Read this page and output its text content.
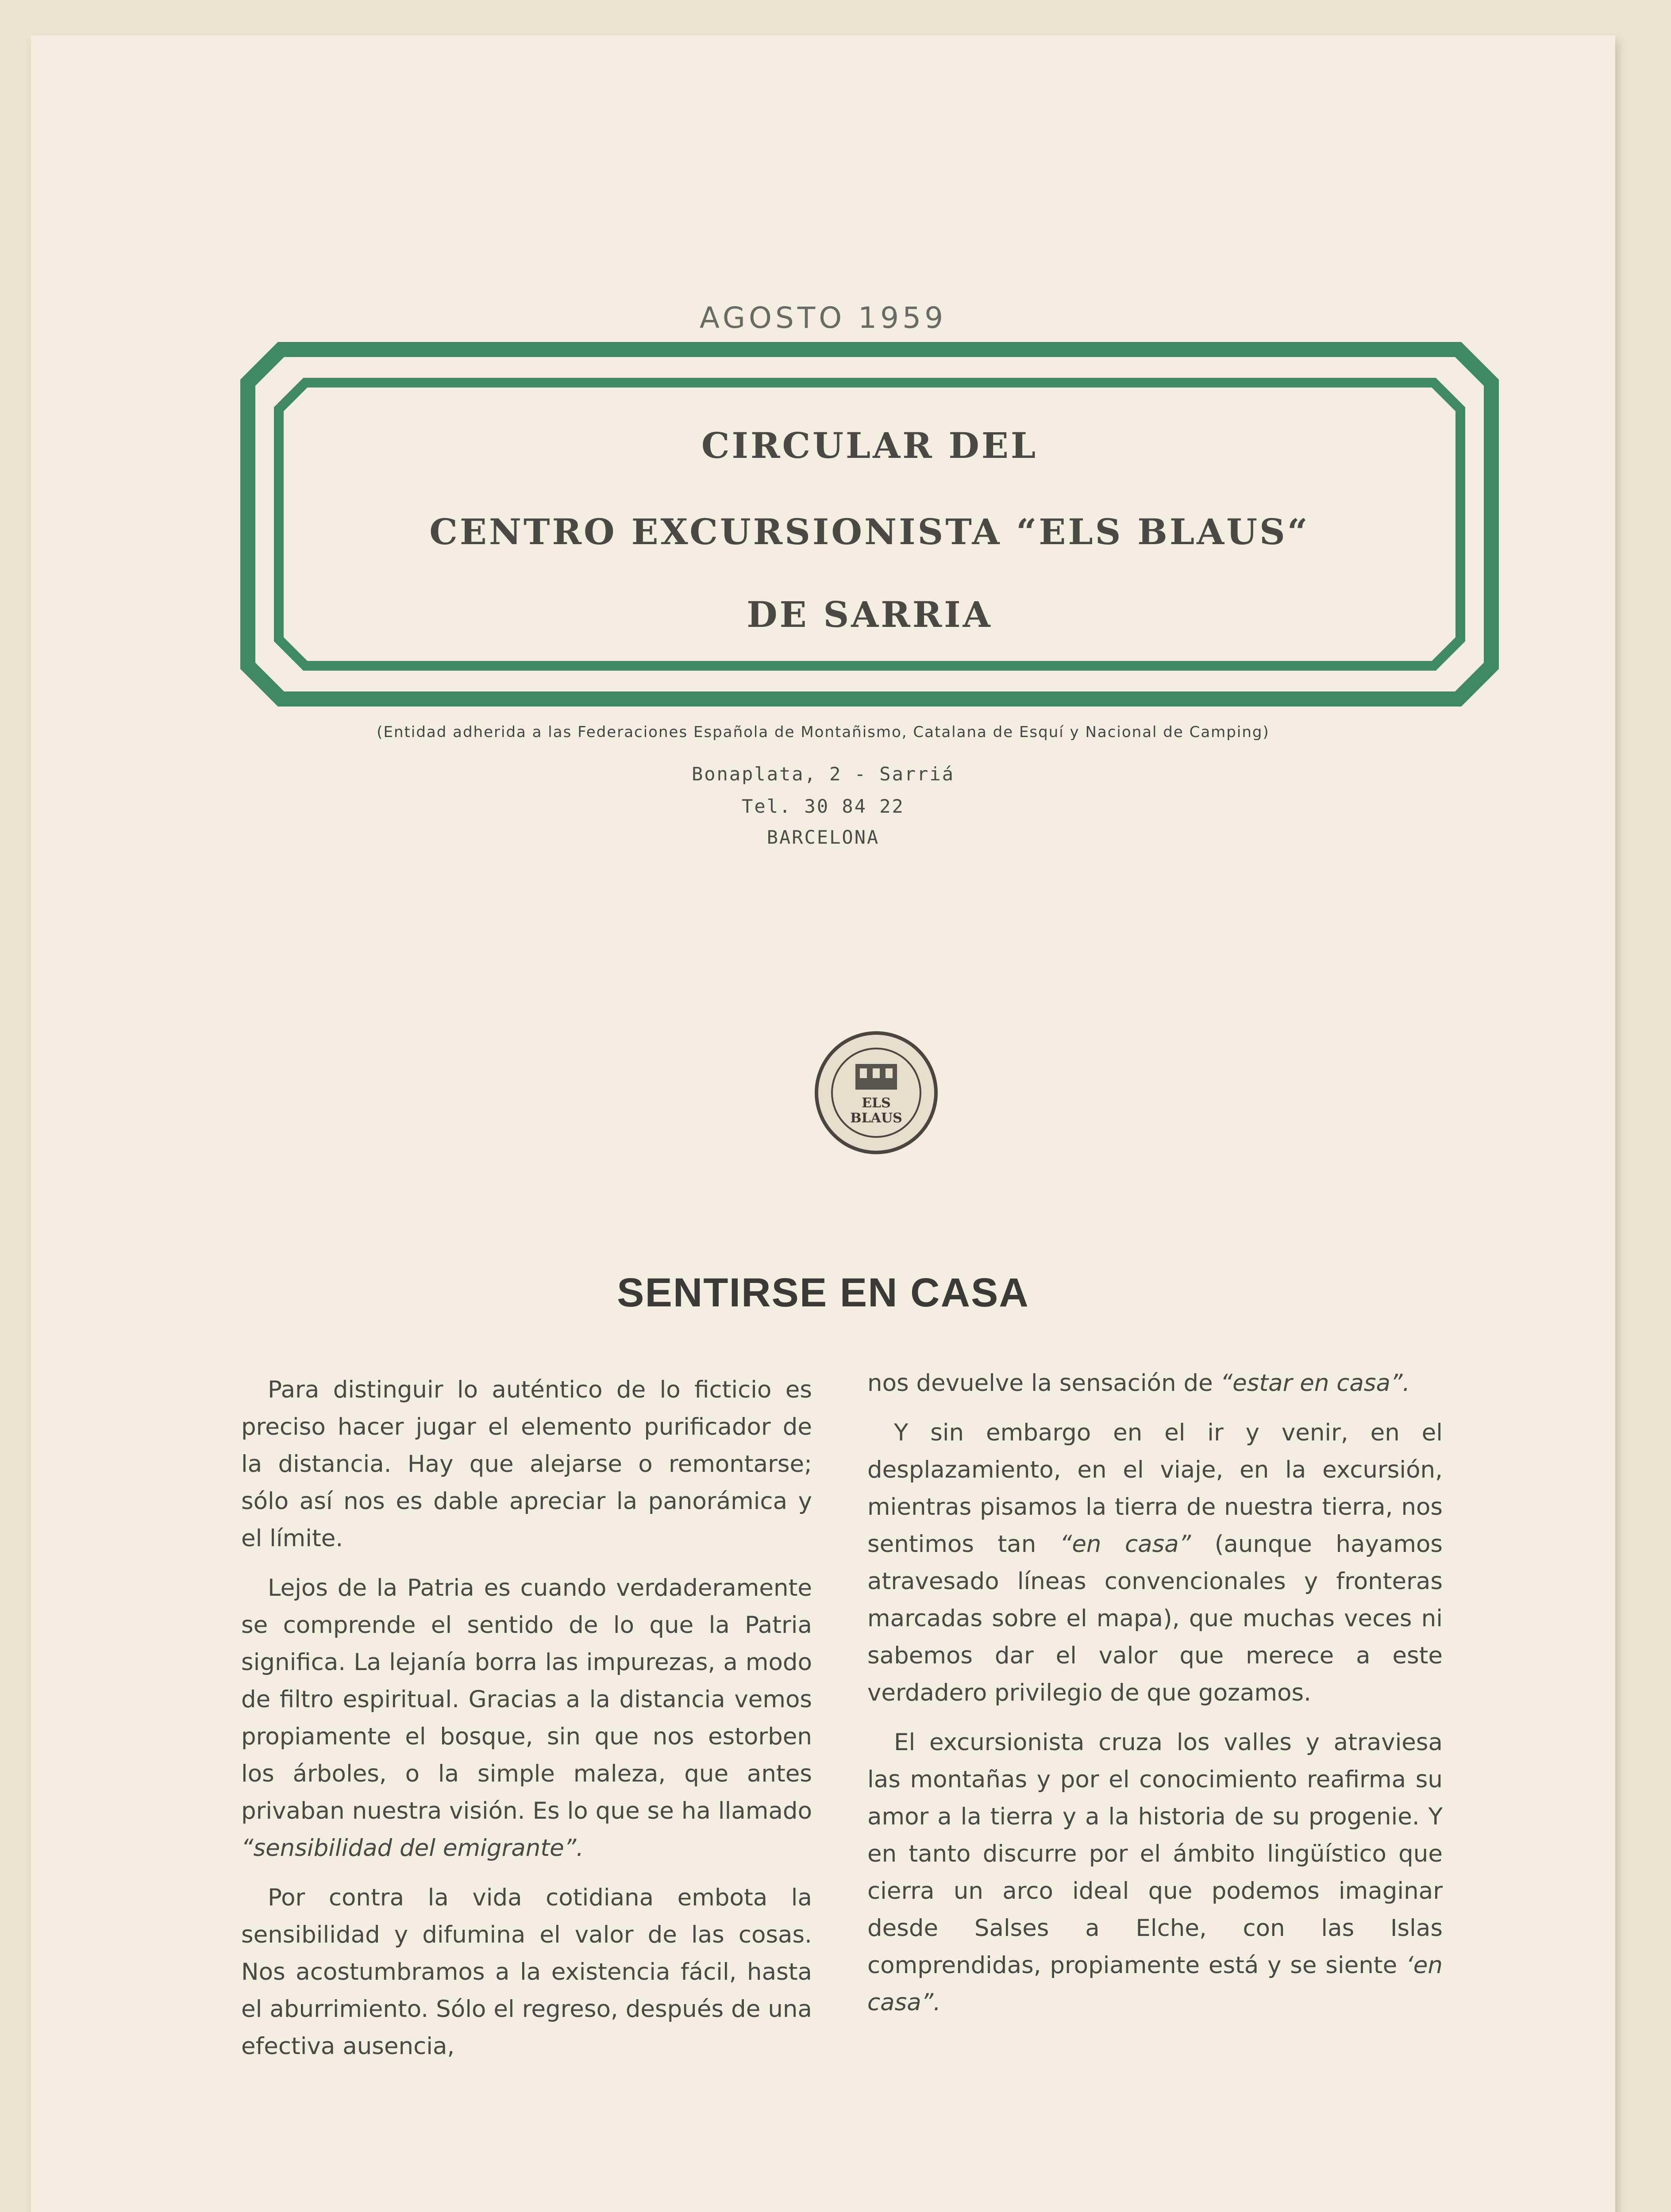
AGOSTO 1959
CIRCULAR DEL
CENTRO EXCURSIONISTA “ELS BLAUS“
DE SARRIA
(Entidad adherida a las Federaciones Española de Montañismo, Catalana de Esquí y Nacional de Camping)
Bonaplata, 2 - Sarriá
Tel. 30 84 22
BARCELONA
ELS
BLAUS
SENTIRSE EN CASA

Para distinguir lo auténtico de lo ficticio es preciso hacer jugar el elemento purificador de la distancia. Hay que alejarse o remontarse; sólo así nos es dable apreciar la panorámica y el límite.

Lejos de la Patria es cuando verdaderamente se comprende el sentido de lo que la Patria significa. La lejanía borra las impurezas, a modo de filtro espiritual. Gracias a la distancia vemos propiamente el bosque, sin que nos estorben los árboles, o la simple maleza, que antes privaban nuestra visión. Es lo que se ha llamado “sensibilidad del emigrante”.

Por contra la vida cotidiana embota la sensibilidad y difumina el valor de las cosas. Nos acostumbramos a la existencia fácil, hasta el aburrimiento. Sólo el regreso, después de una efectiva ausencia,

nos devuelve la sensación de “estar en casa”.

Y sin embargo en el ir y venir, en el desplazamiento, en el viaje, en la excursión, mientras pisamos la tierra de nuestra tierra, nos sentimos tan “en casa” (aunque hayamos atravesado líneas convencionales y fronteras marcadas sobre el mapa), que muchas veces ni sabemos dar el valor que merece a este verdadero privilegio de que gozamos.

El excursionista cruza los valles y atraviesa las montañas y por el conocimiento reafirma su amor a la tierra y a la historia de su progenie. Y en tanto discurre por el ámbito lingüístico que cierra un arco ideal que podemos imaginar desde Salses a Elche, con las Islas comprendidas, propiamente está y se siente ‘en casa”.
